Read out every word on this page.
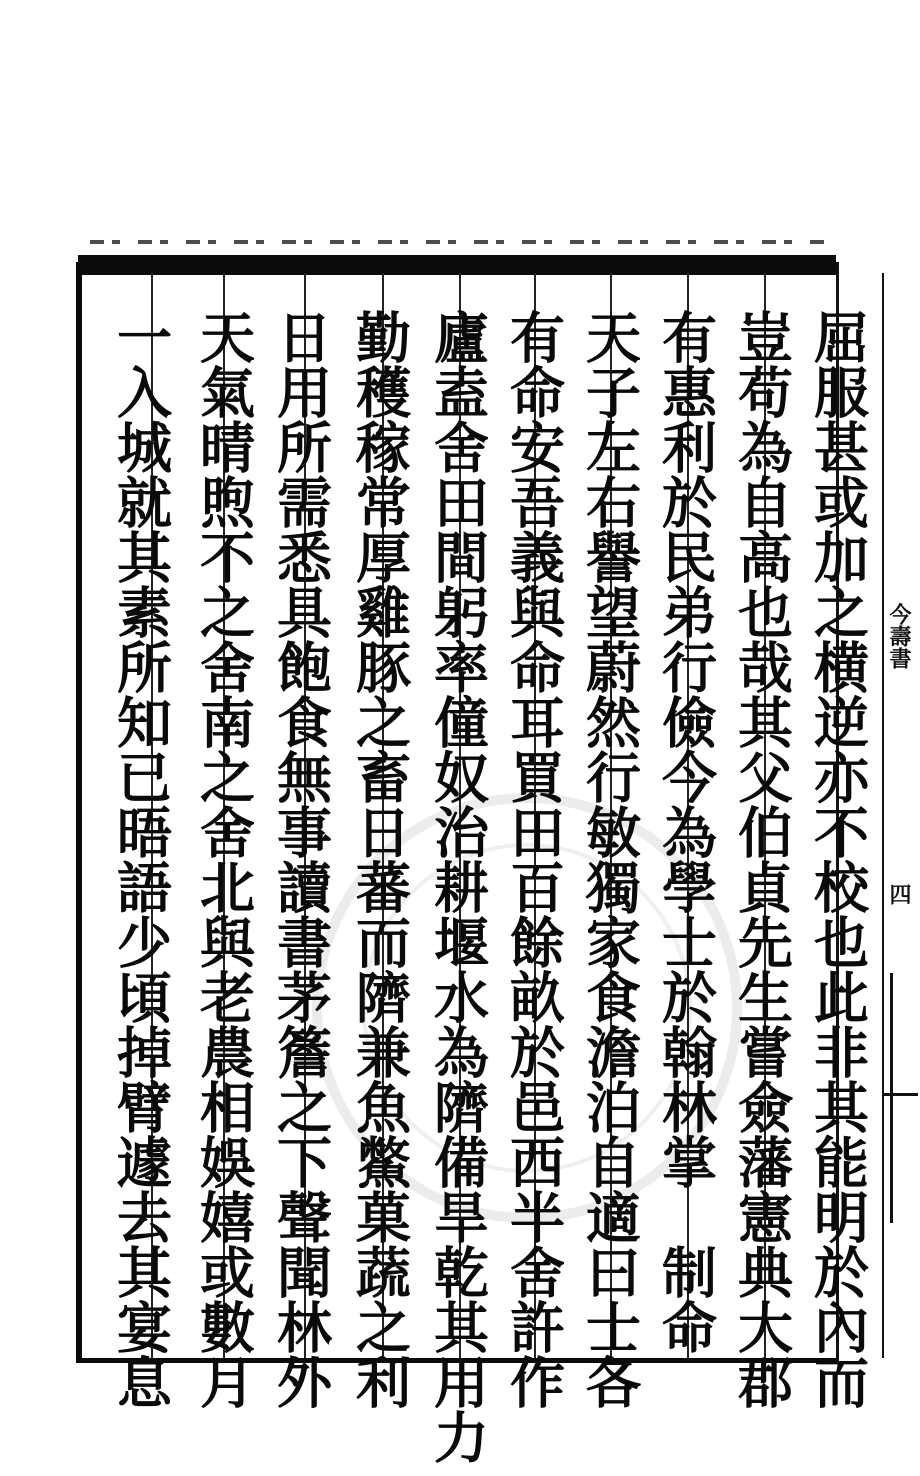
屈服甚或加之横逆亦不校也此非其能明於內而
豈苟為自高也哉其父伯貞先生嘗僉藩憲典大郡
有惠利於民弟行儉今為學士於翰林掌　制命
天子左右譽望蔚然行敏獨家食澹泊自適曰士各
有命安吾義與命耳買田百餘畝於邑西半舍許作
廬盍舍田間躬率僮奴治耕堰水為隮備旱乾其用力
勤穫稼常厚雞豚之畜日蕃而隮兼魚鱉菓蔬之利
日用所需悉具飽食無事讀書茅簷之下聲聞林外
天氣晴煦不之舍南之舍北與老農相娛嬉或數月
一入城就其素所知已晤語少頃掉臂遽去其宴息	今壽書
四
